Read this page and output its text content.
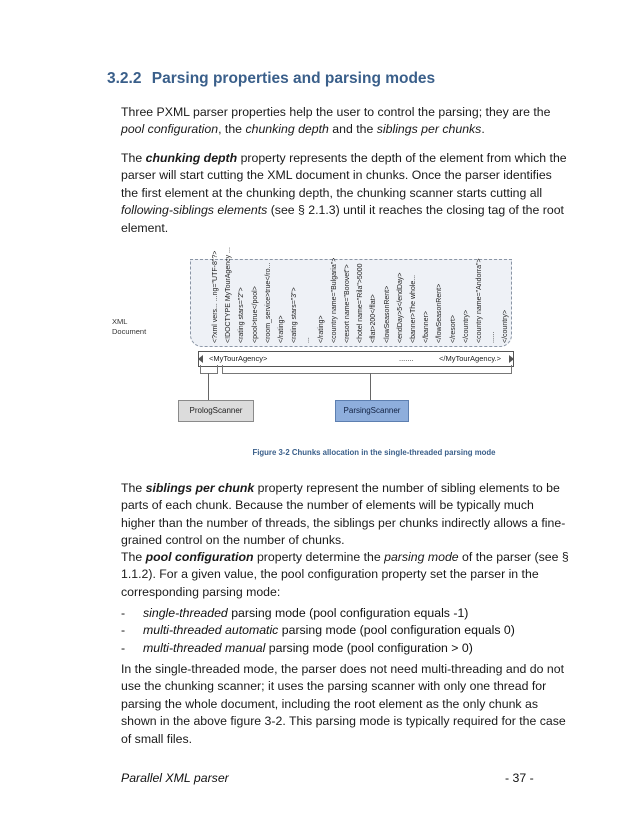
3.2.2 Parsing properties and parsing modes
Three PXML parser properties help the user to control the parsing; they are the pool configuration, the chunking depth and the siblings per chunks.
The chunking depth property represents the depth of the element from which the parser will start cutting the XML document in chunks. Once the parser identifies the first element at the chunking depth, the chunking scanner starts cutting all following-siblings elements (see § 2.1.3) until it reaches the closing tag of the root element.
XML
Document
<MyTourAgency>	.......	</MyTourAgency.>
PrologScanner	ParsingScanner
Figure 3-2 Chunks allocation in the single-threaded parsing mode
The siblings per chunk property represent the number of sibling elements to be parts of each chunk. Because the number of elements will be typically much higher than the number of threads, the siblings per chunks indirectly allows a fine-grained control on the number of chunks.
The pool configuration property determine the parsing mode of the parser (see § 1.1.2). For a given value, the pool configuration property set the parser in the corresponding parsing mode:
- single-threaded parsing mode (pool configuration equals -1)
- multi-threaded automatic parsing mode (pool configuration equals 0)
- multi-threaded manual parsing mode (pool configuration > 0)
In the single-threaded mode, the parser does not need multi-threading and do not use the chunking scanner; it uses the parsing scanner with only one thread for parsing the whole document, including the root element as the only chunk as shown in the above figure 3-2. This parsing mode is typically required for the case of small files.
Parallel XML parser	- 37 -
